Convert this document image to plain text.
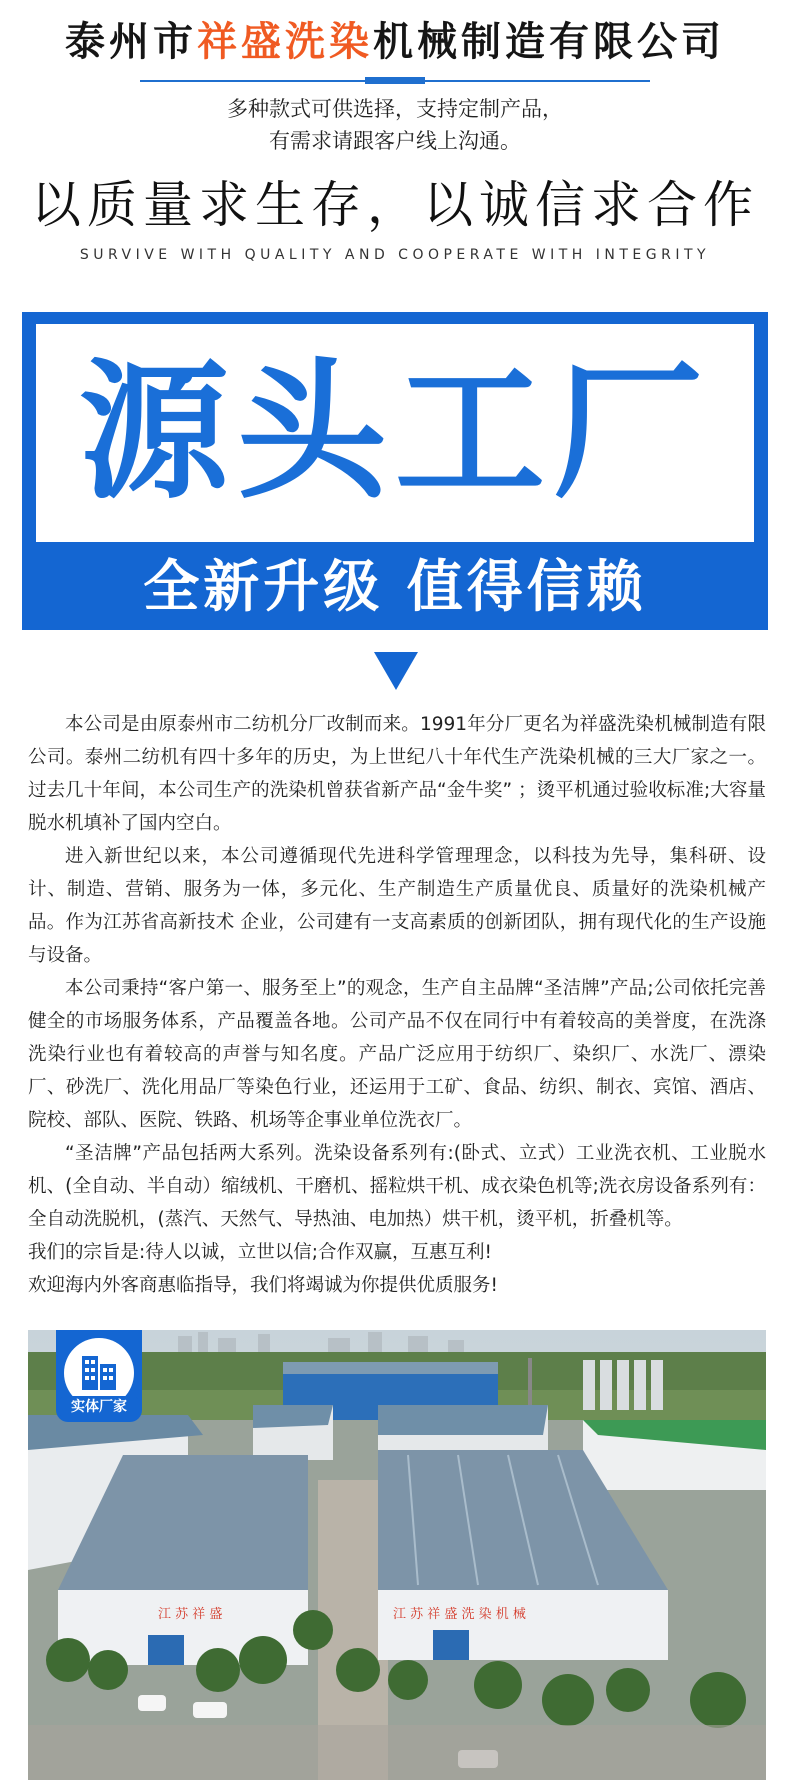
泰州市祥盛洗染机械制造有限公司
多种款式可供选择，支持定制产品，
有需求请跟客户线上沟通。
以质量求生存，以诚信求合作
SURVIVE WITH QUALITY AND COOPERATE WITH INTEGRITY
源头工厂
全新升级 值得信赖

本公司是由原泰州市二纺机分厂改制而来。1991年分厂更名为祥盛洗染机械制造有限公司。泰州二纺机有四十多年的历史，为上世纪八十年代生产洗染机械的三大厂家之一。过去几十年间，本公司生产的洗染机曾获省新产品“金牛奖” ；烫平机通过验收标准;大容量脱水机填补了国内空白。

进入新世纪以来，本公司遵循现代先进科学管理理念，以科技为先导，集科研、设计、制造、营销、服务为一体，多元化、生产制造生产质量优良、质量好的洗染机械产品。作为江苏省高新技术 企业，公司建有一支高素质的创新团队，拥有现代化的生产设施与设备。

本公司秉持“客户第一、服务至上”的观念，生产自主品牌“圣洁牌”产品;公司依托完善健全的市场服务体系，产品覆盖各地。公司产品不仅在同行中有着较高的美誉度，在洗涤洗染行业也有着较高的声誉与知名度。产品广泛应用于纺织厂、染织厂、水洗厂、漂染厂、砂洗厂、洗化用品厂等染色行业，还运用于工矿、食品、纺织、制衣、宾馆、酒店、院校、部队、医院、铁路、机场等企事业单位洗衣厂。

“圣洁牌”产品包括两大系列。洗染设备系列有:(卧式、立式）工业洗衣机、工业脱水机、(全自动、半自动）缩绒机、干磨机、摇粒烘干机、成衣染色机等;洗衣房设备系列有：全自动洗脱机，(蒸汽、天然气、导热油、电加热）烘干机，烫平机，折叠机等。

我们的宗旨是:待人以诚，立世以信;合作双赢，互惠互利!

欢迎海内外客商惠临指导，我们将竭诚为你提供优质服务!

江 苏 祥 盛	江 苏 祥 盛 洗 染 机 械
实体厂家
